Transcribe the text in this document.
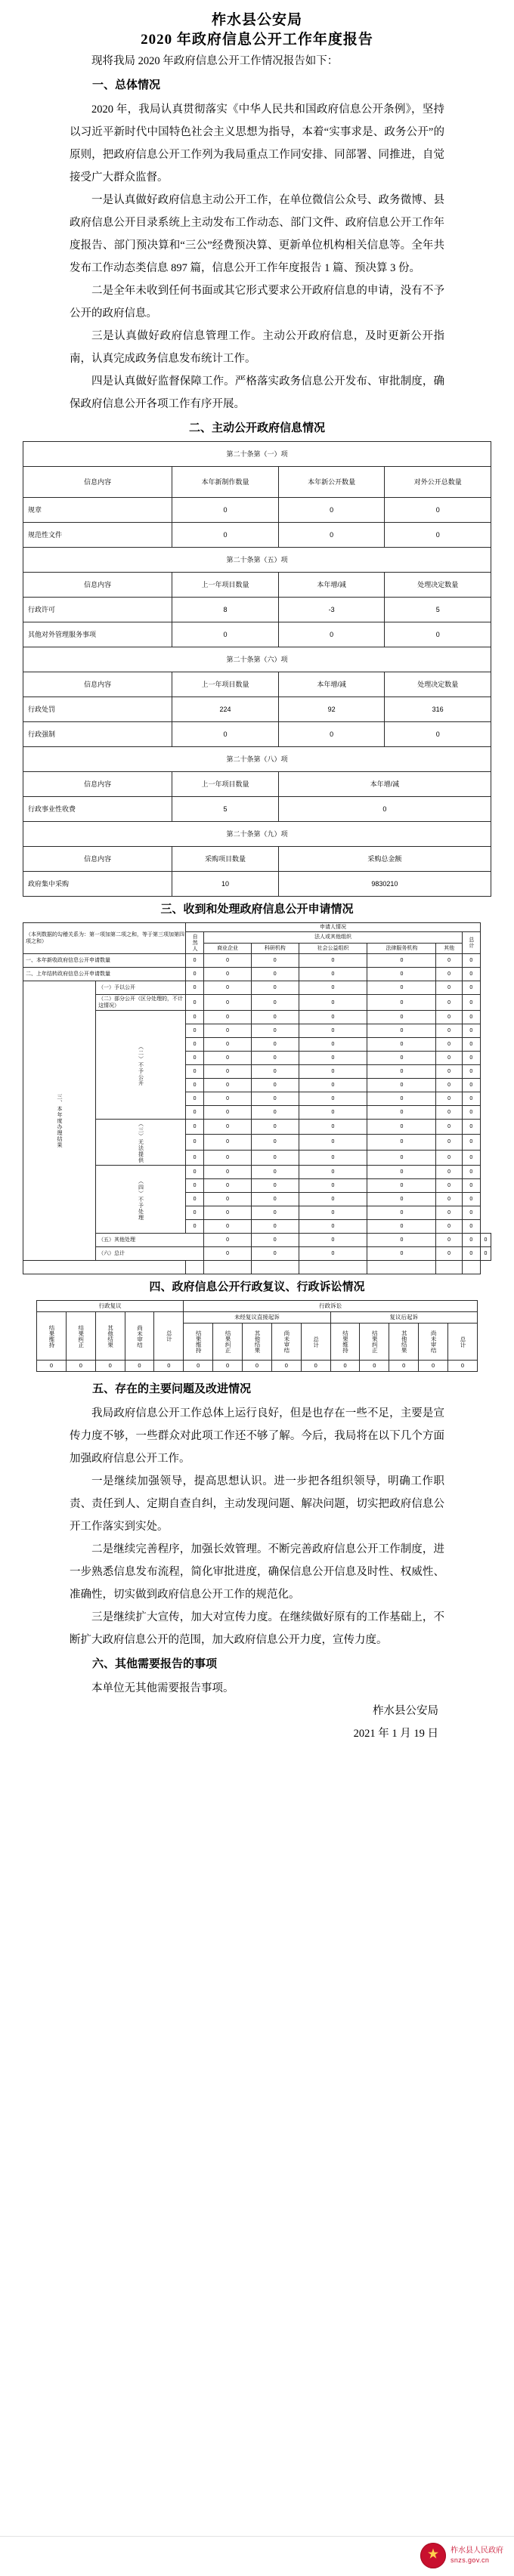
柞水县公安局
2020 年政府信息公开工作年度报告

现将我局 2020 年政府信息公开工作情况报告如下：

一、总体情况

2020 年，我局认真贯彻落实《中华人民共和国政府信息公开条例》，坚持以习近平新时代中国特色社会主义思想为指导，本着“实事求是、政务公开”的原则，把政府信息公开工作列为我局重点工作同安排、同部署、同推进，自觉接受广大群众监督。

一是认真做好政府信息主动公开工作，在单位微信公众号、政务微博、县政府信息公开目录系统上主动发布工作动态、部门文件、政府信息公开工作年度报告、部门预决算和“三公”经费预决算、更新单位机构相关信息等。全年共发布工作动态类信息 897 篇，信息公开工作年度报告 1 篇、预决算 3 份。

二是全年未收到任何书面或其它形式要求公开政府信息的申请，没有不予公开的政府信息。

三是认真做好政府信息管理工作。主动公开政府信息，及时更新公开指南，认真完成政务信息发布统计工作。

四是认真做好监督保障工作。严格落实政务信息公开发布、审批制度，确保政府信息公开各项工作有序开展。

二、主动公开政府信息情况
第二十条第（一）项			
信息内容	本年新制作数量	本年新公开数量	对外公开总数量
规章	0	0	0
规范性文件	0	0	0
第二十条第（五）项			
信息内容	上一年项目数量	本年增/减	处理决定数量
行政许可	8	-3	5
其他对外管理服务事项	0	0	0
第二十条第（六）项			
信息内容	上一年项目数量	本年增/减	处理决定数量
行政处罚	224	92	316
行政强制	0	0	0
第二十条第（八）项			
信息内容	上一年项目数量	本年增/减	
行政事业性收费	5	0	
第二十条第（九）项			
信息内容	采购项目数量	采购总金额	
政府集中采购	10	9830210	
三、收到和处理政府信息公开申请情况
（本列数据的勾稽关系为：第一项加第二项之和，等于第三项加第四项之和）		申请人情况							
		自然人	法人或其他组织					总计	
			商业企业	科研机构	社会公益组织	法律服务机构	其他		
一、本年新收政府信息公开申请数量		0	0	0	0	0	0	0	
二、上年结转政府信息公开申请数量		0	0	0	0	0	0	0	
三、本年度办理结果	（一）予以公开	0	0	0	0	0	0	0	
	（二）部分公开（区分处理的，不计这情况）	0	0	0	0	0	0	0	
	（二）不予公开	0	0	0	0	0	0	0	
		0	0	0	0	0	0	0	
		0	0	0	0	0	0	0	
		0	0	0	0	0	0	0	
		0	0	0	0	0	0	0	
		0	0	0	0	0	0	0	
		0	0	0	0	0	0	0	
		0	0	0	0	0	0	0	
	（三）无法提供	0	0	0	0	0	0	0	
		0	0	0	0	0	0	0	
		0	0	0	0	0	0	0	
	（四）不予处理	0	0	0	0	0	0	0	
		0	0	0	0	0	0	0	
		0	0	0	0	0	0	0	
		0	0	0	0	0	0	0	
		0	0	0	0	0	0	0	
	（五）其他处理		0	0	0	0	0	0	0
	（六）总计		0	0	0	0	0	0	0

四、政府信息公开行政复议、行政诉讼情况
行政复议					行政诉讼									
结果维持	结果纠正	其他结果	尚未审结	总计	未经复议直接起诉					复议后起诉				
					结果维持	结果纠正	其他结果	尚未审结	总计	结果维持	结果纠正	其他结果	尚未审结	总计
0	0	0	0	0	0	0	0	0	0	0	0	0	0	0
五、存在的主要问题及改进情况

我局政府信息公开工作总体上运行良好，但是也存在一些不足，主要是宣传力度不够，一些群众对此项工作还不够了解。今后，我局将在以下几个方面加强政府信息公开工作。

一是继续加强领导，提高思想认识。进一步把各组织领导，明确工作职责、责任到人、定期自查自纠，主动发现问题、解决问题，切实把政府信息公开工作落实到实处。

二是继续完善程序，加强长效管理。不断完善政府信息公开工作制度，进一步熟悉信息发布流程，简化审批进度，确保信息公开信息及时性、权威性、准确性，切实做到政府信息公开工作的规范化。

三是继续扩大宣传，加大对宣传力度。在继续做好原有的工作基础上，不断扩大政府信息公开的范围，加大政府信息公开力度，宣传力度。

六、其他需要报告的事项

本单位无其他需要报告事项。

柞水县公安局
2021 年 1 月 19 日
★ 柞水县人民政府
snzs.gov.cn
